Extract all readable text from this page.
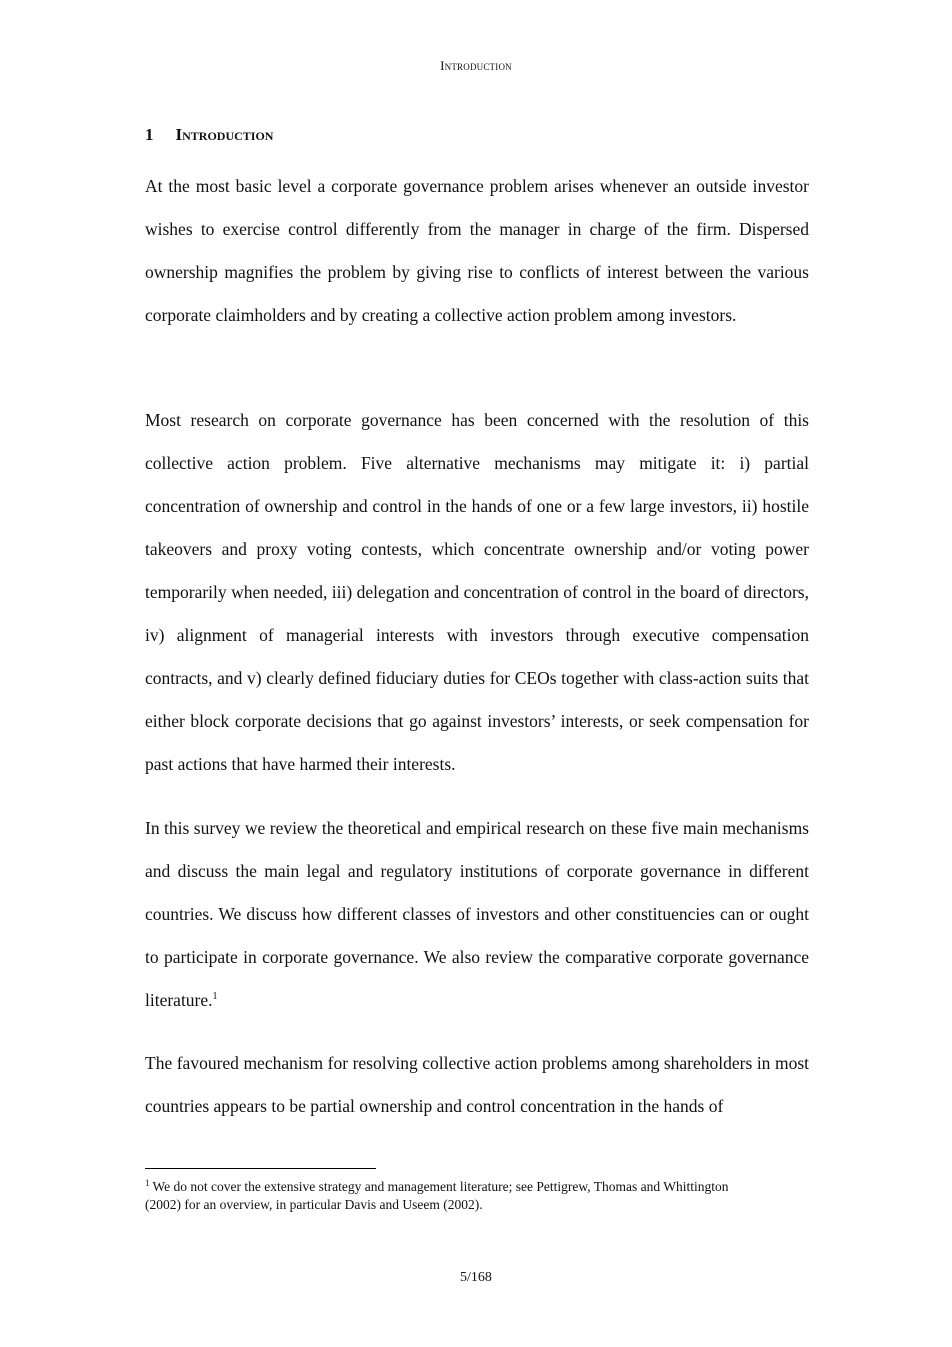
Introduction
1 Introduction

At the most basic level a corporate governance problem arises whenever an outside investor wishes to exercise control differently from the manager in charge of the firm. Dispersed ownership magnifies the problem by giving rise to conflicts of interest between the various corporate claimholders and by creating a collective action problem among investors.

Most research on corporate governance has been concerned with the resolution of this collective action problem. Five alternative mechanisms may mitigate it: i) partial concentration of ownership and control in the hands of one or a few large investors, ii) hostile takeovers and proxy voting contests, which concentrate ownership and/or voting power temporarily when needed, iii) delegation and concentration of control in the board of directors, iv) alignment of managerial interests with investors through executive compensation contracts, and v) clearly defined fiduciary duties for CEOs together with class-action suits that either block corporate decisions that go against investors’ interests, or seek compensation for past actions that have harmed their interests.

In this survey we review the theoretical and empirical research on these five main mechanisms and discuss the main legal and regulatory institutions of corporate governance in different countries. We discuss how different classes of investors and other constituencies can or ought to participate in corporate governance. We also review the comparative corporate governance literature.$^1$

The favoured mechanism for resolving collective action problems among shareholders in most countries appears to be partial ownership and control concentration in the hands of

$^1$ We do not cover the extensive strategy and management literature; see Pettigrew, Thomas and Whittington (2002) for an overview, in particular Davis and Useem (2002).
5/168
